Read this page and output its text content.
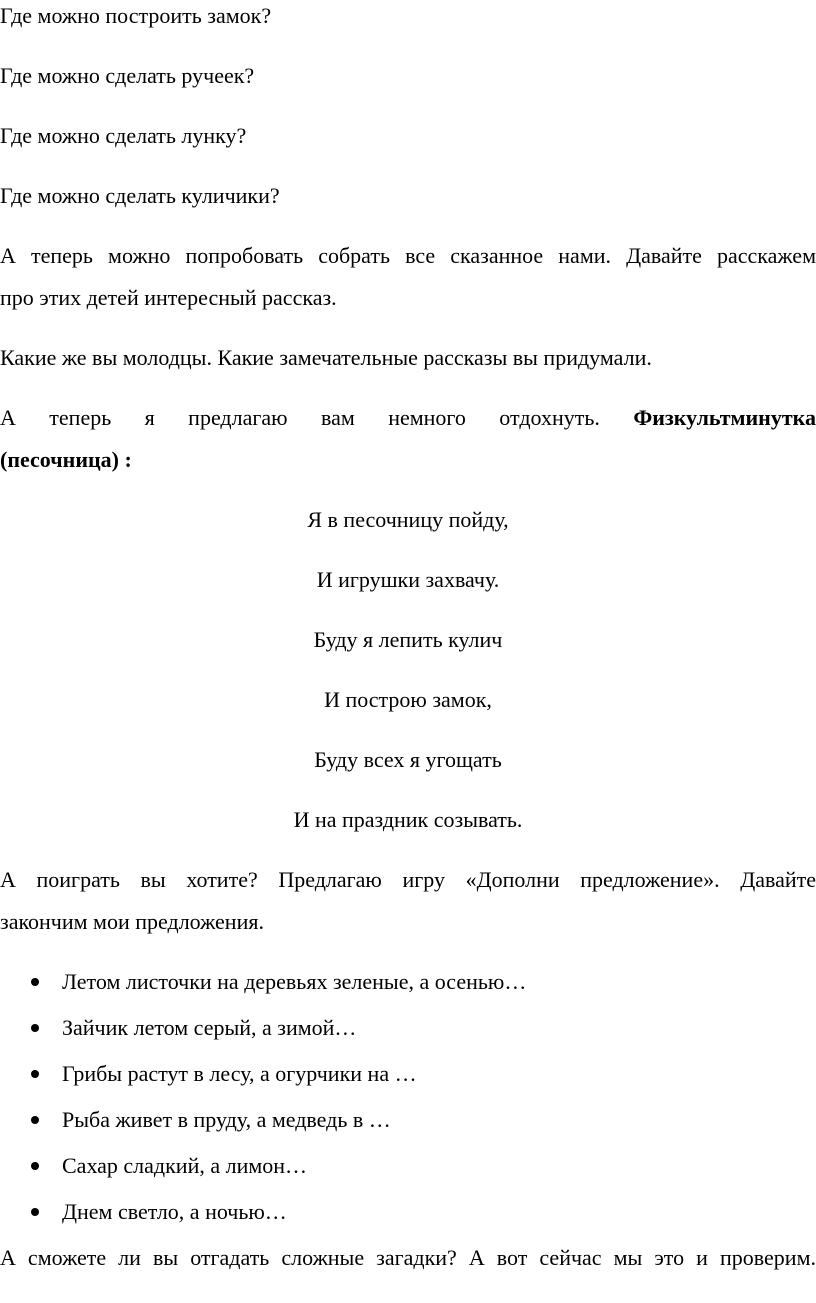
Где можно построить замок?

Где можно сделать ручеек?

Где можно сделать лунку?

Где можно сделать куличики?

А теперь можно попробовать собрать все сказанное нами. Давайте расскажем

про этих детей интересный рассказ.

Какие же вы молодцы. Какие замечательные рассказы вы придумали.

А теперь я предлагаю вам немного отдохнуть. Физкультминутка

(песочница) :

Я в песочницу пойду,

И игрушки захвачу.

Буду я лепить кулич

И построю замок,

Буду всех я угощать

И на праздник созывать.

А поиграть вы хотите? Предлагаю игру «Дополни предложение». Давайте

закончим мои предложения.

Летом листочки на деревьях зеленые, а осенью…
Зайчик летом серый, а зимой…
Грибы растут в лесу, а огурчики на …
Рыба живет в пруду, а медведь в …
Сахар сладкий, а лимон…
Днем светло, а ночью…

А сможете ли вы отгадать сложные загадки? А вот сейчас мы это и проверим.
